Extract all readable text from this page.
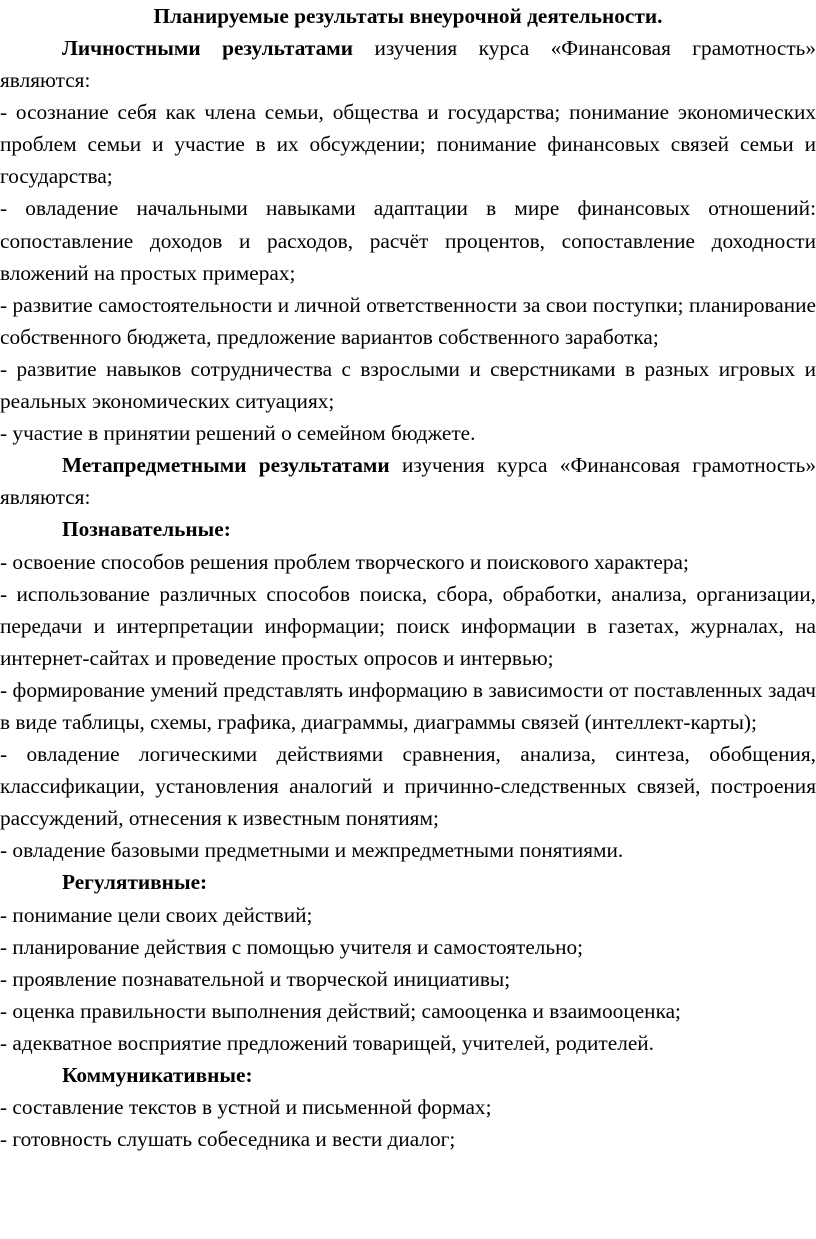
Планируемые результаты внеурочной деятельности.

Личностными результатами изучения курса «Финансовая грамотность» являются:

- осознание себя как члена семьи, общества и государства; понимание экономических проблем семьи и участие в их обсуждении; понимание финансовых связей семьи и государства;

- овладение начальными навыками адаптации в мире финансовых отношений: сопоставление доходов и расходов, расчёт процентов, сопоставление доходности вложений на простых примерах;

- развитие самостоятельности и личной ответственности за свои поступки; планирование собственного бюджета, предложение вариантов собственного заработка;

- развитие навыков сотрудничества с взрослыми и сверстниками в разных игровых и реальных экономических ситуациях;

- участие в принятии решений о семейном бюджете.

Метапредметными результатами изучения курса «Финансовая грамотность» являются:

Познавательные:

- освоение способов решения проблем творческого и поискового характера;

- использование различных способов поиска, сбора, обработки, анализа, организации, передачи и интерпретации информации; поиск информации в газетах, журналах, на интернет-сайтах и проведение простых опросов и интервью;

- формирование умений представлять информацию в зависимости от поставленных задач в виде таблицы, схемы, графика, диаграммы, диаграммы связей (интеллект-карты);

- овладение логическими действиями сравнения, анализа, синтеза, обобщения, классификации, установления аналогий и причинно-следственных связей, построения рассуждений, отнесения к известным понятиям;

- овладение базовыми предметными и межпредметными понятиями.

Регулятивные:

- понимание цели своих действий;

- планирование действия с помощью учителя и самостоятельно;

- проявление познавательной и творческой инициативы;

- оценка правильности выполнения действий; самооценка и взаимооценка;

- адекватное восприятие предложений товарищей, учителей, родителей.

Коммуникативные:

- составление текстов в устной и письменной формах;

- готовность слушать собеседника и вести диалог;
